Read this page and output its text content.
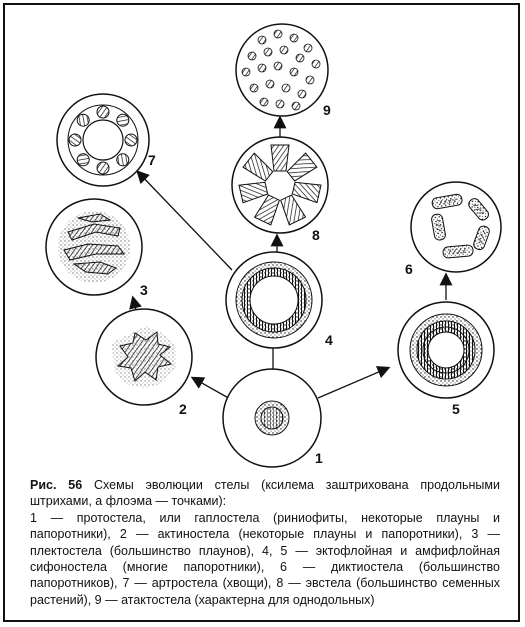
1
2
3
4
5
6
7
8
9
Рис. 56 Схемы эволюции стелы (ксилема заштрихована продольными штрихами, а флоэма — точками):
1 — протостела, или гаплостела (риниофиты, некоторые плауны и папоротники), 2 — актиностела (некоторые плауны и папоротники), 3 — плектостела (большинство плаунов), 4, 5 — эктофлойная и амфифлойная сифоностела (многие папоротники), 6 — диктиостела (большинство папоротников), 7 — артростела (хвощи), 8 — эвстела (большинство семенных растений), 9 — атактостела (характерна для однодольных)
